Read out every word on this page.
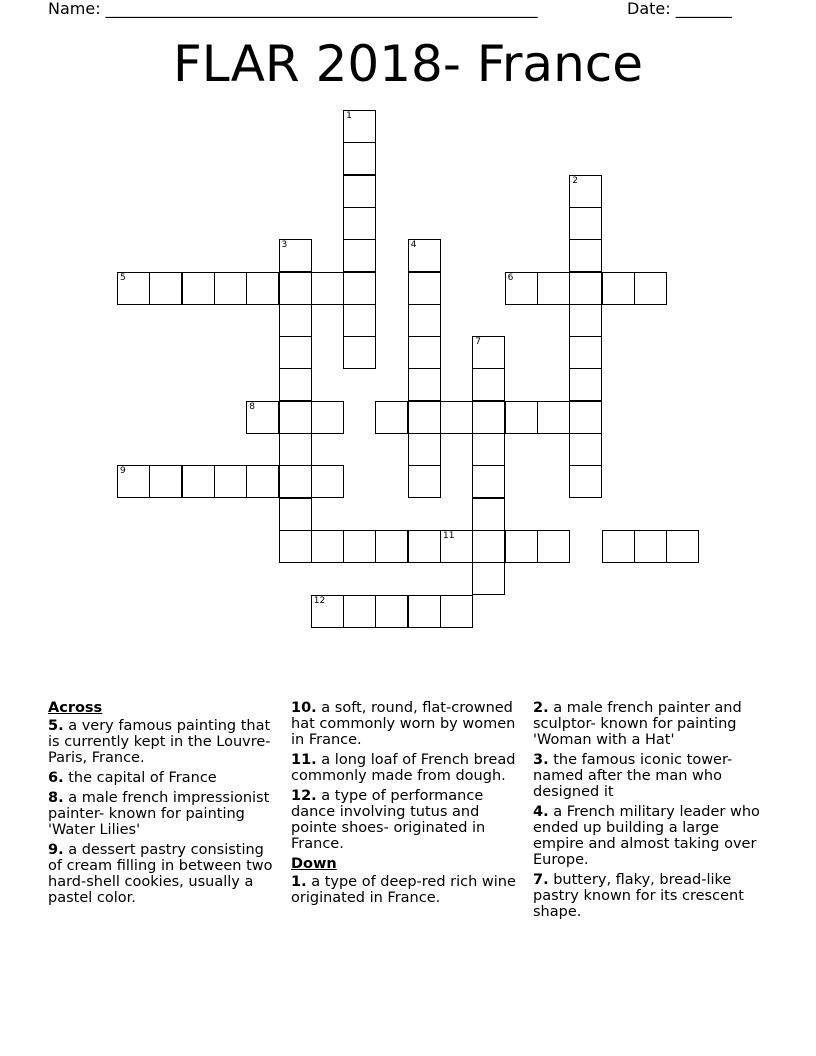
Name: ______________________________________________________	Date: _______
FLAR 2018- France
1
2
3	4
5	6
7
8
9
11
12
Across
5. a very famous painting that is currently kept in the Louvre- Paris, France.
6. the capital of France
8. a male french impressionist painter- known for painting 'Water Lilies'
9. a dessert pastry consisting of cream filling in between two hard-shell cookies, usually a pastel color.
10. a soft, round, flat-crowned hat commonly worn by women in France.
11. a long loaf of French bread commonly made from dough.
12. a type of performance dance involving tutus and pointe shoes- originated in France.
Down
1. a type of deep-red rich wine originated in France.
2. a male french painter and sculptor- known for painting 'Woman with a Hat'
3. the famous iconic tower- named after the man who designed it
4. a French military leader who ended up building a large empire and almost taking over Europe.
7. buttery, flaky, bread-like pastry known for its crescent shape.
